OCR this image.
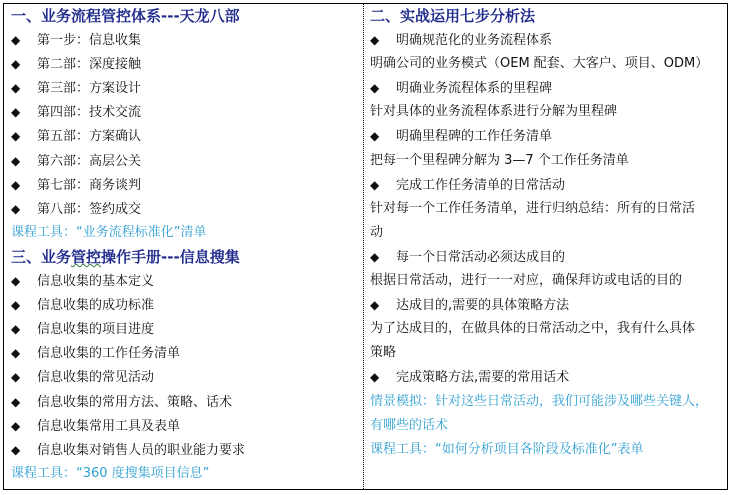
一、业务流程管控体系---天龙八部
◆ 第一步：信息收集
◆ 第二部：深度接触
◆ 第三部：方案设计
◆ 第四部：技术交流
◆ 第五部：方案确认
◆ 第六部：高层公关
◆ 第七部：商务谈判
◆ 第八部：签约成交
课程工具：“业务流程标准化”清单
三、业务管控操作手册---信息搜集
◆ 信息收集的基本定义
◆ 信息收集的成功标准
◆ 信息收集的项目进度
◆ 信息收集的工作任务清单
◆ 信息收集的常见活动
◆ 信息收集的常用方法、策略、话术
◆ 信息收集常用工具及表单
◆ 信息收集对销售人员的职业能力要求
课程工具：“360 度搜集项目信息”
二、实战运用七步分析法
◆ 明确规范化的业务流程体系
明确公司的业务模式（OEM 配套、大客户、项目、ODM）
◆ 明确业务流程体系的里程碑
针对具体的业务流程体系进行分解为里程碑
◆ 明确里程碑的工作任务清单
把每一个里程碑分解为 3—7 个工作任务清单
◆ 完成工作任务清单的日常活动
针对每一个工作任务清单，进行归纳总结：所有的日常活
动
◆ 每一个日常活动必须达成目的
根据日常活动，进行一一对应，确保拜访或电话的目的
◆ 达成目的,需要的具体策略方法
为了达成目的，在做具体的日常活动之中，我有什么具体
策略
◆ 完成策略方法,需要的常用话术
情景模拟：针对这些日常活动，我们可能涉及哪些关键人，
有哪些的话术
课程工具：“如何分析项目各阶段及标准化”表单
